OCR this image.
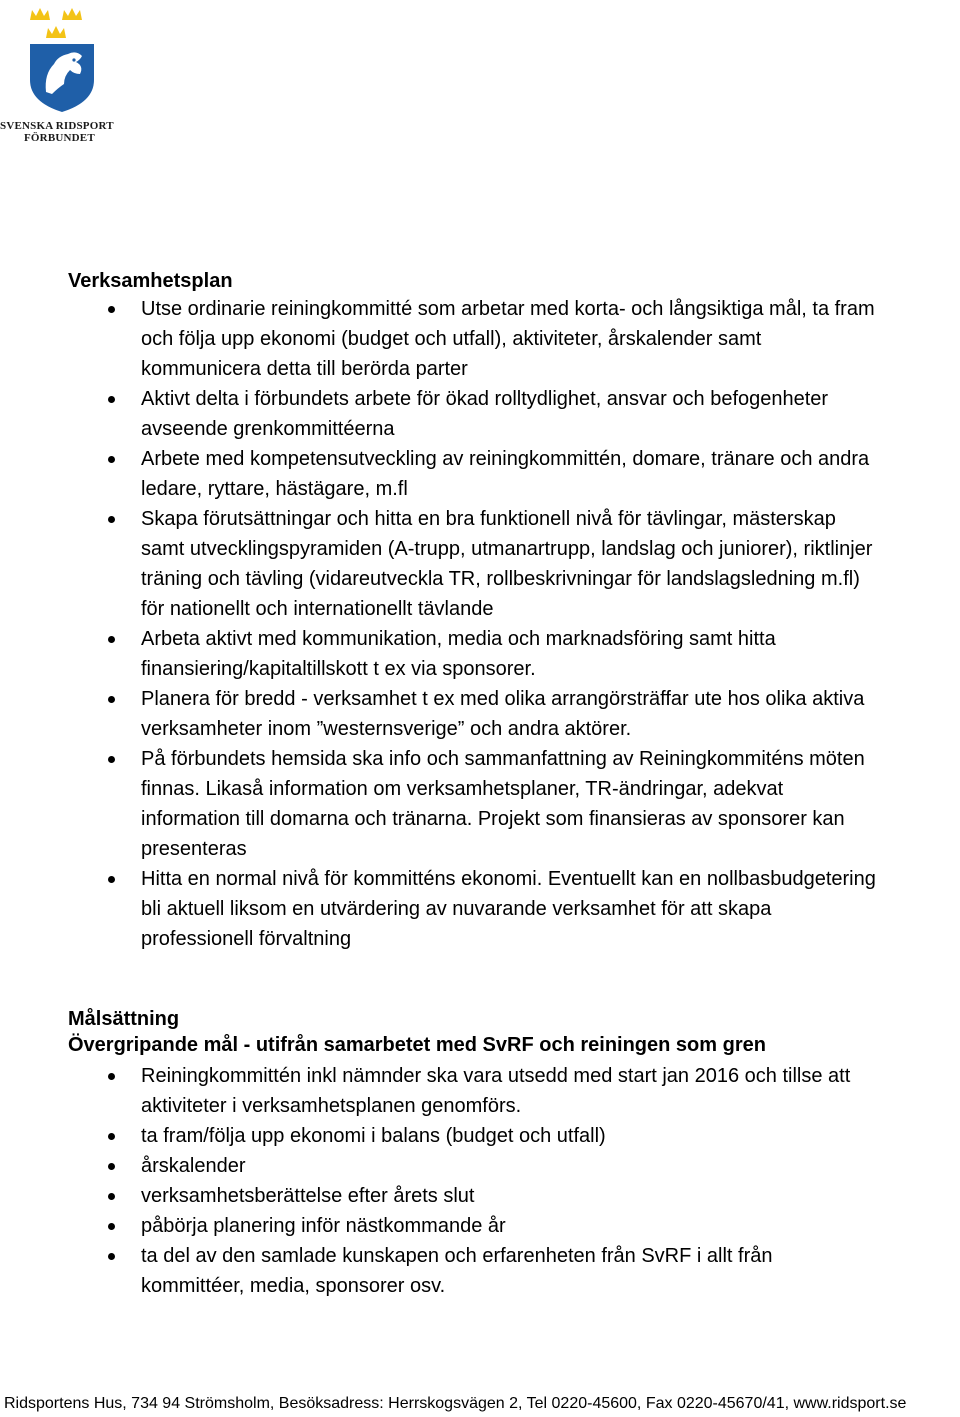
SVENSKA RIDSPORT
FÖRBUNDET
Verksamhetsplan
Utse ordinarie reiningkommitté som arbetar med korta- och långsiktiga mål, ta fram
och följa upp ekonomi (budget och utfall), aktiviteter, årskalender samt
kommunicera detta till berörda parter
Aktivt delta i förbundets arbete för ökad rolltydlighet, ansvar och befogenheter
avseende grenkommittéerna
Arbete med kompetensutveckling av reiningkommittén, domare, tränare och andra
ledare, ryttare, hästägare, m.fl
Skapa förutsättningar och hitta en bra funktionell nivå för tävlingar, mästerskap
samt utvecklingspyramiden (A-trupp, utmanartrupp, landslag och juniorer), riktlinjer
träning och tävling (vidareutveckla TR, rollbeskrivningar för landslagsledning m.fl)
för nationellt och internationellt tävlande
Arbeta aktivt med kommunikation, media och marknadsföring samt hitta
finansiering/kapitaltillskott t ex via sponsorer.
Planera för bredd - verksamhet t ex med olika arrangörsträffar ute hos olika aktiva
verksamheter inom ”westernsverige” och andra aktörer.
På förbundets hemsida ska info och sammanfattning av Reiningkommiténs möten
finnas. Likaså information om verksamhetsplaner, TR-ändringar, adekvat
information till domarna och tränarna. Projekt som finansieras av sponsorer kan
presenteras
Hitta en normal nivå för kommitténs ekonomi. Eventuellt kan en nollbasbudgetering
bli aktuell liksom en utvärdering av nuvarande verksamhet för att skapa
professionell förvaltning
Målsättning
Övergripande mål - utifrån samarbetet med SvRF och reiningen som gren
Reiningkommittén inkl nämnder ska vara utsedd med start jan 2016 och tillse att
aktiviteter i verksamhetsplanen genomförs.
ta fram/följa upp ekonomi i balans (budget och utfall)
årskalender
verksamhetsberättelse efter årets slut
påbörja planering inför nästkommande år
ta del av den samlade kunskapen och erfarenheten från SvRF i allt från
kommittéer, media, sponsorer osv.
Ridsportens Hus, 734 94 Strömsholm, Besöksadress: Herrskogsvägen 2, Tel 0220-45600, Fax 0220-45670/41, www.ridsport.se
